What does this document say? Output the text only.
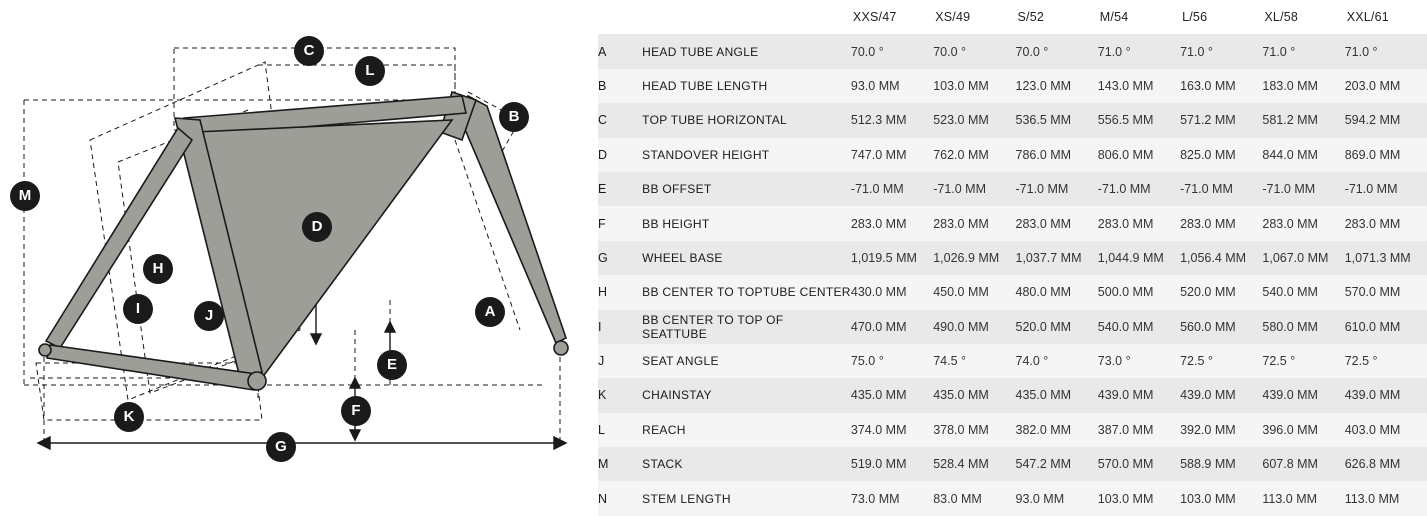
C
L
B
M
D
H
I	J	A
E
K	F
G
		XXS/47	XS/49	S/52	M/54	L/56	XL/58	XXL/61
A	HEAD TUBE ANGLE	70.0 °	70.0 °	70.0 °	71.0 °	71.0 °	71.0 °	71.0 °
B	HEAD TUBE LENGTH	93.0 MM	103.0 MM	123.0 MM	143.0 MM	163.0 MM	183.0 MM	203.0 MM
C	TOP TUBE HORIZONTAL	512.3 MM	523.0 MM	536.5 MM	556.5 MM	571.2 MM	581.2 MM	594.2 MM
D	STANDOVER HEIGHT	747.0 MM	762.0 MM	786.0 MM	806.0 MM	825.0 MM	844.0 MM	869.0 MM
E	BB OFFSET	-71.0 MM	-71.0 MM	-71.0 MM	-71.0 MM	-71.0 MM	-71.0 MM	-71.0 MM
F	BB HEIGHT	283.0 MM	283.0 MM	283.0 MM	283.0 MM	283.0 MM	283.0 MM	283.0 MM
G	WHEEL BASE	1,019.5 MM	1,026.9 MM	1,037.7 MM	1,044.9 MM	1,056.4 MM	1,067.0 MM	1,071.3 MM
H	BB CENTER TO TOPTUBE CENTER	430.0 MM	450.0 MM	480.0 MM	500.0 MM	520.0 MM	540.0 MM	570.0 MM
I	BB CENTER TO TOP OF SEATTUBE	470.0 MM	490.0 MM	520.0 MM	540.0 MM	560.0 MM	580.0 MM	610.0 MM
J	SEAT ANGLE	75.0 °	74.5 °	74.0 °	73.0 °	72.5 °	72.5 °	72.5 °
K	CHAINSTAY	435.0 MM	435.0 MM	435.0 MM	439.0 MM	439.0 MM	439.0 MM	439.0 MM
L	REACH	374.0 MM	378.0 MM	382.0 MM	387.0 MM	392.0 MM	396.0 MM	403.0 MM
M	STACK	519.0 MM	528.4 MM	547.2 MM	570.0 MM	588.9 MM	607.8 MM	626.8 MM
N	STEM LENGTH	73.0 MM	83.0 MM	93.0 MM	103.0 MM	103.0 MM	113.0 MM	113.0 MM
